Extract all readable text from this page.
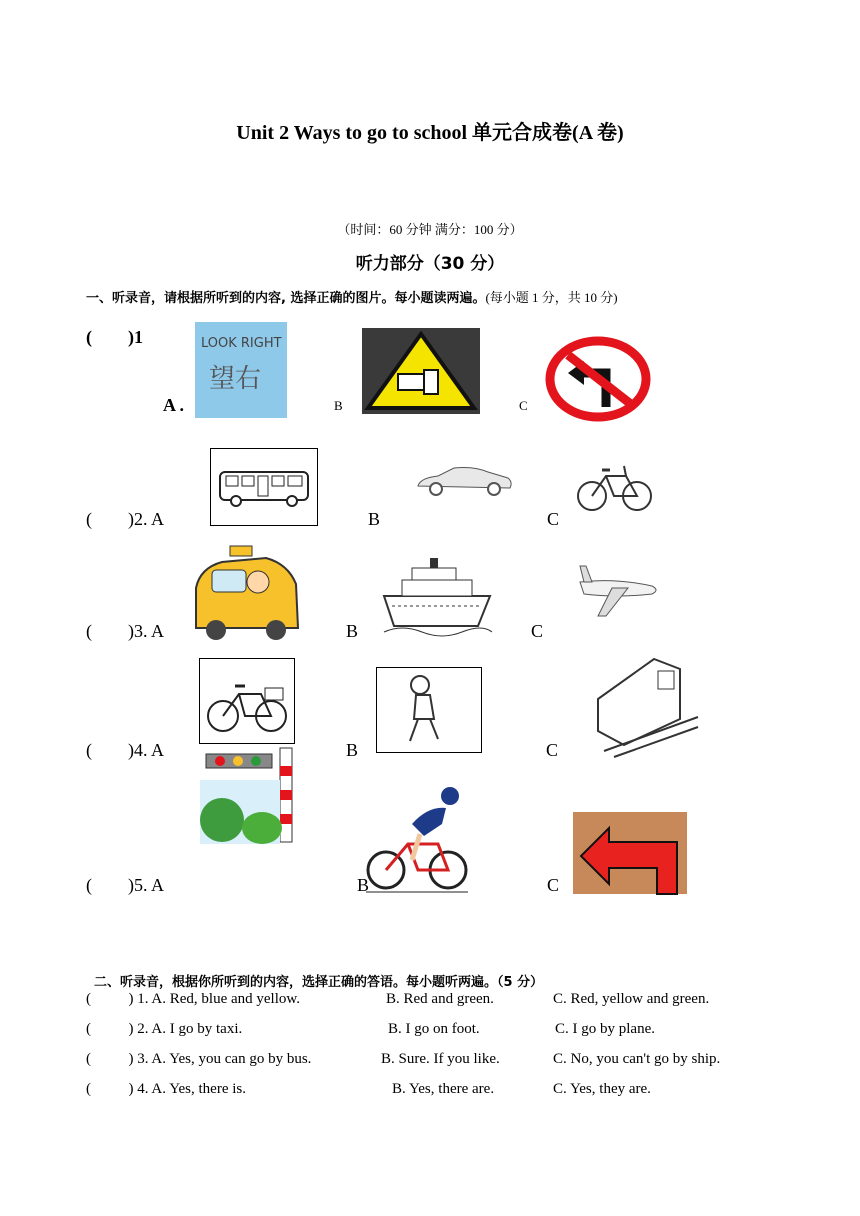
Unit 2 Ways to go to school 单元合成卷(A 卷)
（时间：60 分钟 满分：100 分）
听力部分（30 分）
一、听录音，请根据所听到的内容, 选择正确的图片。每小题读两遍。(每小题 1 分，共 10 分)
(        )1
A .	B	C
LOOK RIGHT
望右
(        )2. A	B	C
(        )3. A	B	C
(        )4. A	B	C
(        )5. A	B	C
二、听录音，根据你所听到的内容，选择正确的答语。每小题听两遍。（5 分）
(          ) 1. A. Red, blue and yellow.	B. Red and green.	C. Red, yellow and green.
(          ) 2. A. I go by taxi.	B. I go on foot.	C. I go by plane.
(          ) 3. A. Yes, you can go by bus.	B. Sure. If you like.	C. No, you can't go by ship.
(          ) 4. A. Yes, there is.	B. Yes, there are.	C. Yes, they are.
